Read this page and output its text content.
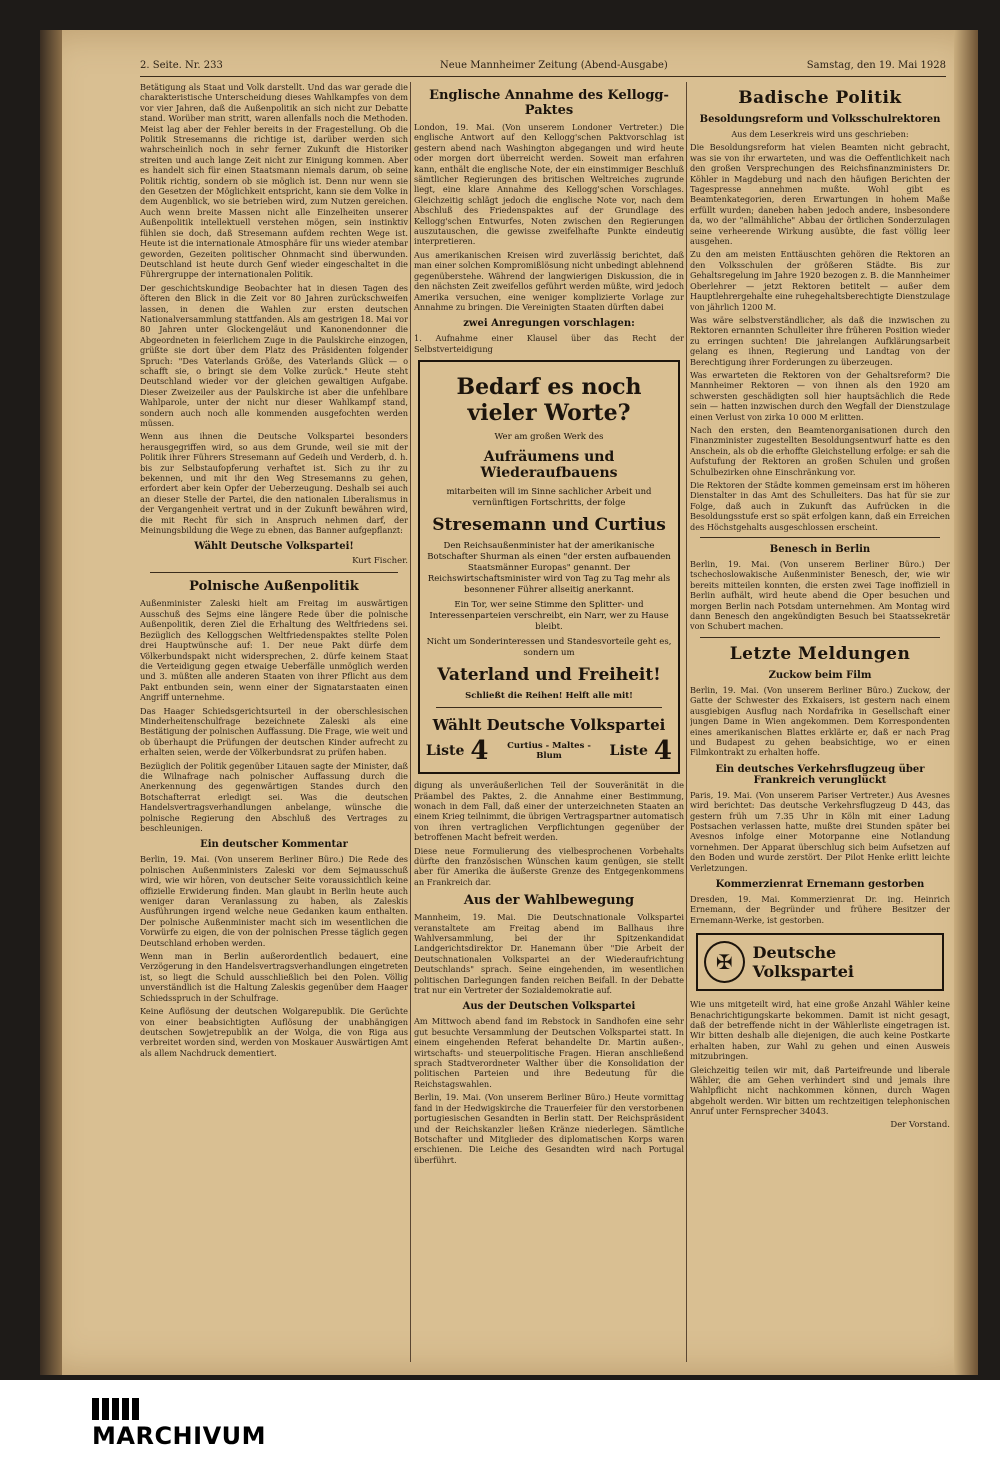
2. Seite. Nr. 233	Neue Mannheimer Zeitung (Abend-Ausgabe)	Samstag, den 19. Mai 1928

Betätigung als Staat und Volk darstellt. Und das war gerade die charakteristische Unterscheidung dieses Wahlkampfes von dem vor vier Jahren, daß die Außenpolitik an sich nicht zur Debatte stand. Worüber man stritt, waren allenfalls noch die Methoden. Meist lag aber der Fehler bereits in der Fragestellung. Ob die Politik Stresemanns die richtige ist, darüber werden sich wahrscheinlich noch in sehr ferner Zukunft die Historiker streiten und auch lange Zeit nicht zur Einigung kommen. Aber es handelt sich für einen Staatsmann niemals darum, ob seine Politik richtig, sondern ob sie möglich ist. Denn nur wenn sie den Gesetzen der Möglichkeit entspricht, kann sie dem Volke in dem Augenblick, wo sie betrieben wird, zum Nutzen gereichen. Auch wenn breite Massen nicht alle Einzelheiten unserer Außenpolitik intellektuell verstehen mögen, sein instinktiv fühlen sie doch, daß Stresemann aufdem rechten Wege ist. Heute ist die internationale Atmosphäre für uns wieder atembar geworden, Gezeiten politischer Ohnmacht sind überwunden. Deutschland ist heute durch Genf wieder eingeschaltet in die Führergruppe der internationalen Politik.

Der geschichtskundige Beobachter hat in diesen Tagen des öfteren den Blick in die Zeit vor 80 Jahren zurückschweifen lassen, in denen die Wahlen zur ersten deutschen Nationalversammlung stattfanden. Als am gestrigen 18. Mai vor 80 Jahren unter Glockengeläut und Kanonendonner die Abgeordneten in feierlichem Zuge in die Paulskirche einzogen, grüßte sie dort über dem Platz des Präsidenten folgender Spruch: "Des Vaterlands Größe, des Vaterlands Glück — o schafft sie, o bringt sie dem Volke zurück." Heute steht Deutschland wieder vor der gleichen gewaltigen Aufgabe. Dieser Zweizeiler aus der Paulskirche ist aber die unfehlbare Wahlparole, unter der nicht nur dieser Wahlkampf stand, sondern auch noch alle kommenden ausgefochten werden müssen.

Wenn aus ihnen die Deutsche Volkspartei besonders herausgegriffen wird, so aus dem Grunde, weil sie mit der Politik ihrer Führers Stresemann auf Gedeih und Verderb, d. h. bis zur Selbstaufopferung verhaftet ist. Sich zu ihr zu bekennen, und mit ihr den Weg Stresemanns zu gehen, erfordert aber kein Opfer der Ueberzeugung. Deshalb sei auch an dieser Stelle der Partei, die den nationalen Liberalismus in der Vergangenheit vertrat und in der Zukunft bewähren wird, die mit Recht für sich in Anspruch nehmen darf, der Meinungsbildung die Wege zu ebnen, das Banner aufgepflanzt:

Wählt Deutsche Volkspartei!
Kurt Fischer.
Polnische Außenpolitik

Außenminister Zaleski hielt am Freitag im auswärtigen Ausschuß des Sejms eine längere Rede über die polnische Außenpolitik, deren Ziel die Erhaltung des Weltfriedens sei. Bezüglich des Kelloggschen Weltfriedenspaktes stellte Polen drei Hauptwünsche auf: 1. Der neue Pakt dürfe dem Völkerbundspakt nicht widersprechen, 2. dürfe keinem Staat die Verteidigung gegen etwaige Ueberfälle unmöglich werden und 3. müßten alle anderen Staaten von ihrer Pflicht aus dem Pakt entbunden sein, wenn einer der Signatarstaaten einen Angriff unternehme.

Das Haager Schiedsgerichtsurteil in der oberschlesischen Minderheitenschulfrage bezeichnete Zaleski als eine Bestätigung der polnischen Auffassung. Die Frage, wie weit und ob überhaupt die Prüfungen der deutschen Kinder aufrecht zu erhalten seien, werde der Völkerbundsrat zu prüfen haben.

Bezüglich der Politik gegenüber Litauen sagte der Minister, daß die Wilnafrage nach polnischer Auffassung durch die Anerkennung des gegenwärtigen Standes durch den Botschafterrat erledigt sei. Was die deutschen Handelsvertragsverhandlungen anbelange, wünsche die polnische Regierung den Abschluß des Vertrages zu beschleunigen.

Ein deutscher Kommentar

Berlin, 19. Mai. (Von unserem Berliner Büro.) Die Rede des polnischen Außenministers Zaleski vor dem Sejmausschuß wird, wie wir hören, von deutscher Seite voraussichtlich keine offizielle Erwiderung finden. Man glaubt in Berlin heute auch weniger daran Veranlassung zu haben, als Zaleskis Ausführungen irgend welche neue Gedanken kaum enthalten. Der polnische Außenminister macht sich im wesentlichen die Vorwürfe zu eigen, die von der polnischen Presse täglich gegen Deutschland erhoben werden.

Wenn man in Berlin außerordentlich bedauert, eine Verzögerung in den Handelsvertragsverhandlungen eingetreten ist, so liegt die Schuld ausschließlich bei den Polen. Völlig unverständlich ist die Haltung Zaleskis gegenüber dem Haager Schiedsspruch in der Schulfrage.

Keine Auflösung der deutschen Wolgarepublik. Die Gerüchte von einer beabsichtigten Auflösung der unabhängigen deutschen Sowjetrepublik an der Wolga, die von Riga aus verbreitet worden sind, werden von Moskauer Auswärtigen Amt als allem Nachdruck dementiert.

Englische Annahme des Kellogg-Paktes

London, 19. Mai. (Von unserem Londoner Vertreter.) Die englische Antwort auf den Kellogg'schen Paktvorschlag ist gestern abend nach Washington abgegangen und wird heute oder morgen dort überreicht werden. Soweit man erfahren kann, enthält die englische Note, der ein einstimmiger Beschluß sämtlicher Regierungen des britischen Weltreiches zugrunde liegt, eine klare Annahme des Kellogg'schen Vorschlages. Gleichzeitig schlägt jedoch die englische Note vor, nach dem Abschluß des Friedenspaktes auf der Grundlage des Kellogg'schen Entwurfes, Noten zwischen den Regierungen auszutauschen, die gewisse zweifelhafte Punkte eindeutig interpretieren.

Aus amerikanischen Kreisen wird zuverlässig berichtet, daß man einer solchen Kompromißlösung nicht unbedingt ablehnend gegenüberstehe. Während der langwierigen Diskussion, die in den nächsten Zeit zweifellos geführt werden müßte, wird jedoch Amerika versuchen, eine weniger komplizierte Vorlage zur Annahme zu bringen. Die Vereinigten Staaten dürften dabei

zwei Anregungen vorschlagen:

1. Aufnahme einer Klausel über das Recht der Selbstverteidigung

Bedarf es noch vieler Worte?
Wer am großen Werk des
Aufräumens und Wiederaufbauens
mitarbeiten will im Sinne sachlicher Arbeit und vernünftigen Fortschritts, der folge
Stresemann und Curtius
Den Reichsaußenminister hat der amerikanische Botschafter Shurman als einen "der ersten aufbauenden Staatsmänner Europas" genannt. Der Reichswirtschaftsminister wird von Tag zu Tag mehr als besonnener Führer allseitig anerkannt.
Ein Tor, wer seine Stimme den Splitter- und Interessenparteien verschreibt, ein Narr, wer zu Hause bleibt.
Nicht um Sonderinteressen und Standesvorteile geht es, sondern um
Vaterland und Freiheit!
Schließt die Reihen! Helft alle mit!
Wählt Deutsche Volkspartei
Liste 4	Curtius - Maltes - Blum	Liste 4

digung als unveräußerlichen Teil der Souveränität in die Präambel des Paktes, 2. die Annahme einer Bestimmung, wonach in dem Fall, daß einer der unterzeichneten Staaten an einem Krieg teilnimmt, die übrigen Vertragspartner automatisch von ihren vertraglichen Verpflichtungen gegenüber der betroffenen Macht befreit werden.

Diese neue Formulierung des vielbesprochenen Vorbehalts dürfte den französischen Wünschen kaum genügen, sie stellt aber für Amerika die äußerste Grenze des Entgegenkommens an Frankreich dar.

Aus der Wahlbewegung

Mannheim, 19. Mai. Die Deutschnationale Volkspartei veranstaltete am Freitag abend im Ballhaus ihre Wahlversammlung, bei der ihr Spitzenkandidat Landgerichtsdirektor Dr. Hanemann über "Die Arbeit der Deutschnationalen Volkspartei an der Wiederaufrichtung Deutschlands" sprach. Seine eingehenden, im wesentlichen politischen Darlegungen fanden reichen Beifall. In der Debatte trat nur ein Vertreter der Sozialdemokratie auf.

Aus der Deutschen Volkspartei

Am Mittwoch abend fand im Rebstock in Sandhofen eine sehr gut besuchte Versammlung der Deutschen Volkspartei statt. In einem eingehenden Referat behandelte Dr. Martin außen-, wirtschafts- und steuerpolitische Fragen. Hieran anschließend sprach Stadtverordneter Walther über die Konsolidation der politischen Parteien und ihre Bedeutung für die Reichstagswahlen.

Berlin, 19. Mai. (Von unserem Berliner Büro.) Heute vormittag fand in der Hedwigskirche die Trauerfeier für den verstorbenen portugiesischen Gesandten in Berlin statt. Der Reichspräsident und der Reichskanzler ließen Kränze niederlegen. Sämtliche Botschafter und Mitglieder des diplomatischen Korps waren erschienen. Die Leiche des Gesandten wird nach Portugal überführt.

Badische Politik
Besoldungsreform und Volksschulrektoren

Aus dem Leserkreis wird uns geschrieben:

Die Besoldungsreform hat vielen Beamten nicht gebracht, was sie von ihr erwarteten, und was die Oeffentlichkeit nach den großen Versprechungen des Reichsfinanzministers Dr. Köhler in Magdeburg und nach den häufigen Berichten der Tagespresse annehmen mußte. Wohl gibt es Beamtenkategorien, deren Erwartungen in hohem Maße erfüllt wurden; daneben haben jedoch andere, insbesondere da, wo der "allmähliche" Abbau der örtlichen Sonderzulagen seine verheerende Wirkung ausübte, die fast völlig leer ausgehen.

Zu den am meisten Enttäuschten gehören die Rektoren an den Volksschulen der größeren Städte. Bis zur Gehaltsregelung im Jahre 1920 bezogen z. B. die Mannheimer Oberlehrer — jetzt Rektoren betitelt — außer dem Hauptlehrergehalte eine ruhegehaltsberechtigte Dienstzulage von jährlich 1200 M.

Was wäre selbstverständlicher, als daß die inzwischen zu Rektoren ernannten Schulleiter ihre früheren Position wieder zu erringen suchten! Die jahrelangen Aufklärungsarbeit gelang es ihnen, Regierung und Landtag von der Berechtigung ihrer Forderungen zu überzeugen.

Was erwarteten die Rektoren von der Gehaltsreform? Die Mannheimer Rektoren — von ihnen als den 1920 am schwersten geschädigten soll hier hauptsächlich die Rede sein — hatten inzwischen durch den Wegfall der Dienstzulage einen Verlust von zirka 10 000 M erlitten.

Nach den ersten, den Beamtenorganisationen durch den Finanzminister zugestellten Besoldungsentwurf hatte es den Anschein, als ob die erhoffte Gleichstellung erfolge: er sah die Aufstufung der Rektoren an großen Schulen und großen Schulbezirken ohne Einschränkung vor.

Die Rektoren der Städte kommen gemeinsam erst im höheren Dienstalter in das Amt des Schulleiters. Das hat für sie zur Folge, daß auch in Zukunft das Aufrücken in die Besoldungsstufe erst so spät erfolgen kann, daß ein Erreichen des Höchstgehalts ausgeschlossen erscheint.

Benesch in Berlin

Berlin, 19. Mai. (Von unserem Berliner Büro.) Der tschechoslowakische Außenminister Benesch, der, wie wir bereits mitteilen konnten, die ersten zwei Tage inoffiziell in Berlin aufhält, wird heute abend die Oper besuchen und morgen Berlin nach Potsdam unternehmen. Am Montag wird dann Benesch den angekündigten Besuch bei Staatssekretär von Schubert machen.

Letzte Meldungen
Zuckow beim Film

Berlin, 19. Mai. (Von unserem Berliner Büro.) Zuckow, der Gatte der Schwester des Exkaisers, ist gestern nach einem ausgiebigen Ausflug nach Nordafrika in Gesellschaft einer jungen Dame in Wien angekommen. Dem Korrespondenten eines amerikanischen Blattes erklärte er, daß er nach Prag und Budapest zu gehen beabsichtige, wo er einen Filmkontrakt zu erhalten hoffe.

Ein deutsches Verkehrsflugzeug über Frankreich verunglückt

Paris, 19. Mai. (Von unserem Pariser Vertreter.) Aus Avesnes wird berichtet: Das deutsche Verkehrsflugzeug D 443, das gestern früh um 7.35 Uhr in Köln mit einer Ladung Postsachen verlassen hatte, mußte drei Stunden später bei Avesnos infolge einer Motorpanne eine Notlandung vornehmen. Der Apparat überschlug sich beim Aufsetzen auf den Boden und wurde zerstört. Der Pilot Henke erlitt leichte Verletzungen.

Kommerzienrat Ernemann gestorben

Dresden, 19. Mai. Kommerzienrat Dr. ing. Heinrich Ernemann, der Begründer und frühere Besitzer der Ernemann-Werke, ist gestorben.

✠	Deutsche Volkspartei

Wie uns mitgeteilt wird, hat eine große Anzahl Wähler keine Benachrichtigungskarte bekommen. Damit ist nicht gesagt, daß der betreffende nicht in der Wählerliste eingetragen ist. Wir bitten deshalb alle diejenigen, die auch keine Postkarte erhalten haben, zur Wahl zu gehen und einen Ausweis mitzubringen.

Gleichzeitig teilen wir mit, daß Parteifreunde und liberale Wähler, die am Gehen verhindert sind und jemals ihre Wahlpflicht nicht nachkommen können, durch Wagen abgeholt werden. Wir bitten um rechtzeitigen telephonischen Anruf unter Fernsprecher 34043.

Der Vorstand.
MARCHIVUM
